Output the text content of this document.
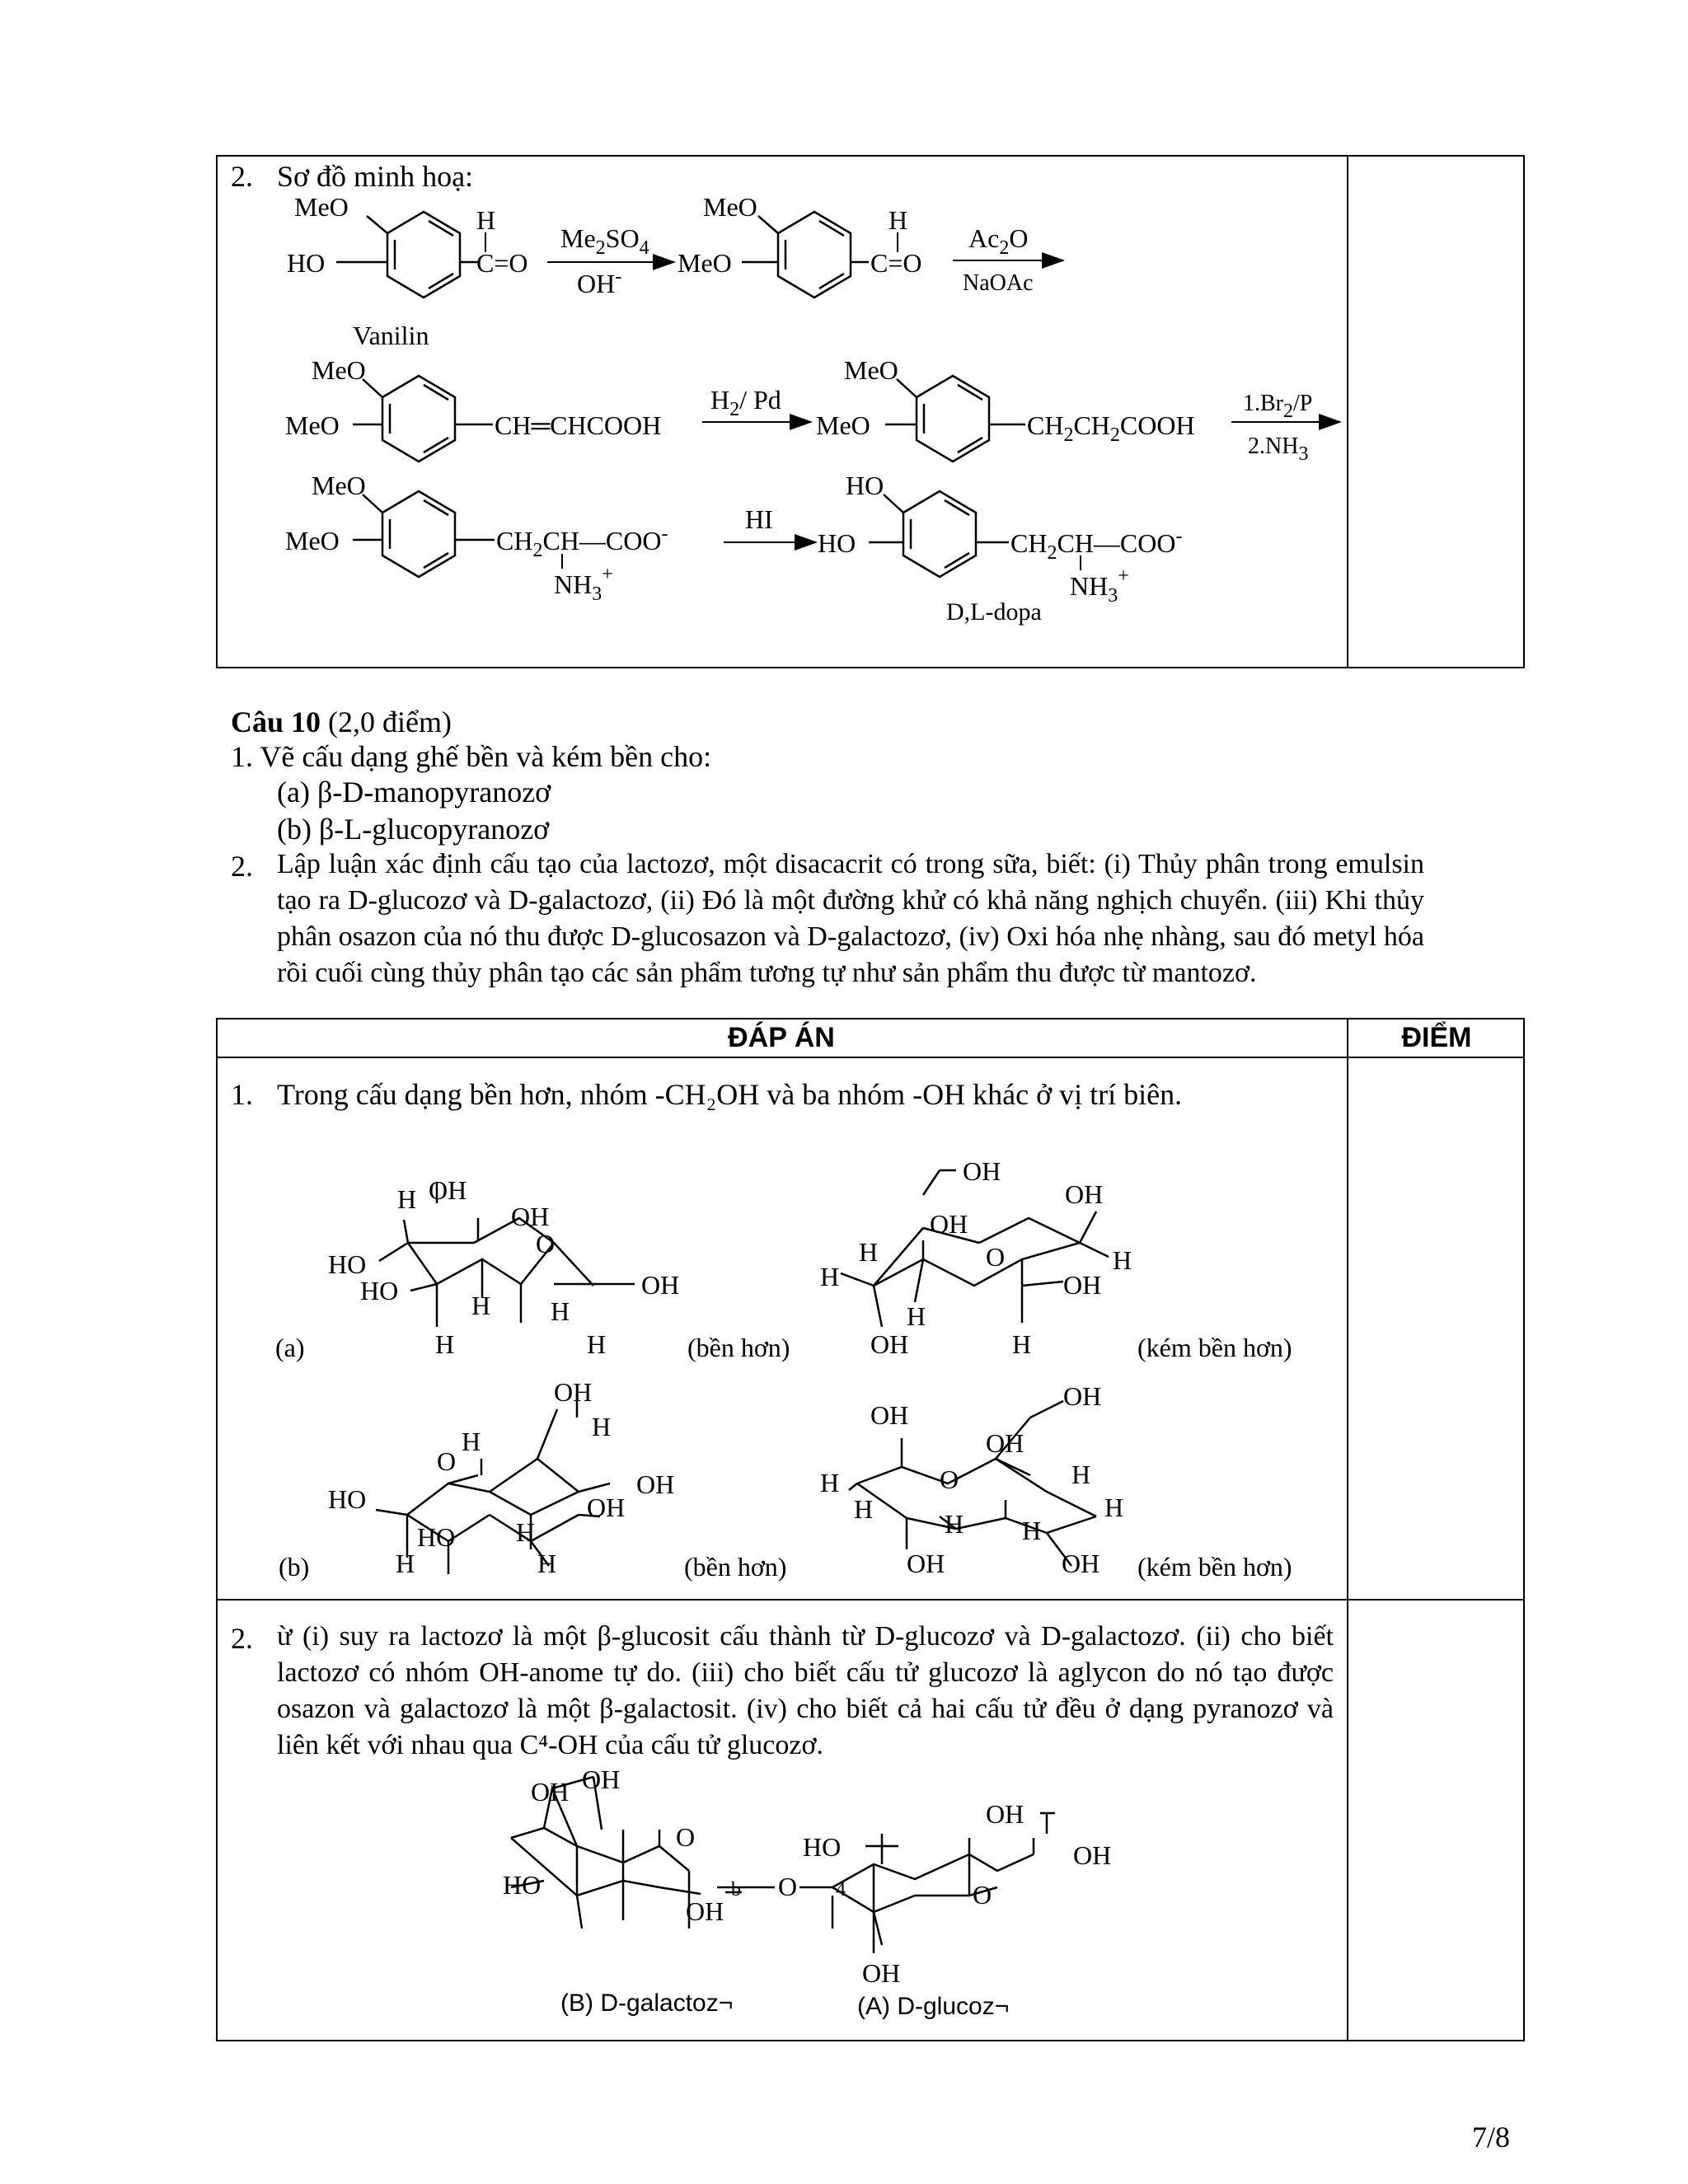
2. Sơ đồ minh hoạ:
MeO
HO
H
C=O
$Me_2SO_4$
OH-
MeO
MeO
H
C=O
$Ac_2O$
NaOAc
Vanilin
MeO
MeO	CH═CHCOOH
$H_2/$ Pd
MeO
MeO	$CH_2CH_2COOH$
1.Br2/P
2.NH3
MeO
MeO	$CH_2CH—COO^-$
$NH_3^+$
HI
HO
HO	$CH_2CH—COO^-$
$NH_3^+$
D,L-dopa
Câu 10 (2,0 điểm)
1. Vẽ cấu dạng ghế bền và kém bền cho:
(a) β-D-manopyranozơ
(b) β-L-glucopyranozơ
2. Lập luận xác định cấu tạo của lactozơ, một disacacrit có trong sữa, biết: (i) Thủy phân trong emulsin tạo ra D-glucozơ và D-galactozơ, (ii) Đó là một đường khử có khả năng nghịch chuyển. (iii) Khi thủy phân osazon của nó thu được D-glucosazon và D-galactozơ, (iv) Oxi hóa nhẹ nhàng, sau đó metyl hóa rồi cuối cùng thủy phân tạo các sản phẩm tương tự như sản phẩm thu được từ mantozơ.
ĐÁP ÁN	ĐIỂM
1. Trong cấu dạng bền hơn, nhóm -CH₂OH và ba nhóm -OH khác ở vị trí biên.
H OH
OH
O
HO
HO	H H
OH
H	H
(a)	(bền hơn)
OH
OH
OH
O
H
H
H
OH
H
OH	H	(kém bền hơn)
OH
H
H
O
OH
OH
HO
HO H
H	H
(b)	(bền hơn)
OH
OH
OH
O
H	H
H	H
H H
OH	OH (kém bền hơn)
2. ừ (i) suy ra lactozơ là một β-glucosit cấu thành từ D-glucozơ và D-galactozơ. (ii) cho biết lactozơ có nhóm OH-anome tự do. (iii) cho biết cấu tử glucozơ là aglycon do nó tạo được osazon và galactozơ là một β-galactosit. (iv) cho biết cả hai cấu tử đều ở dạng pyranozơ và liên kết với nhau qua C⁴-OH của cấu tử glucozơ.
OH OH
O
HO
OH
b O 4
HO
OH
OH
O
OH
(B) D-galactoz¬	(A) D-glucoz¬
7/8
